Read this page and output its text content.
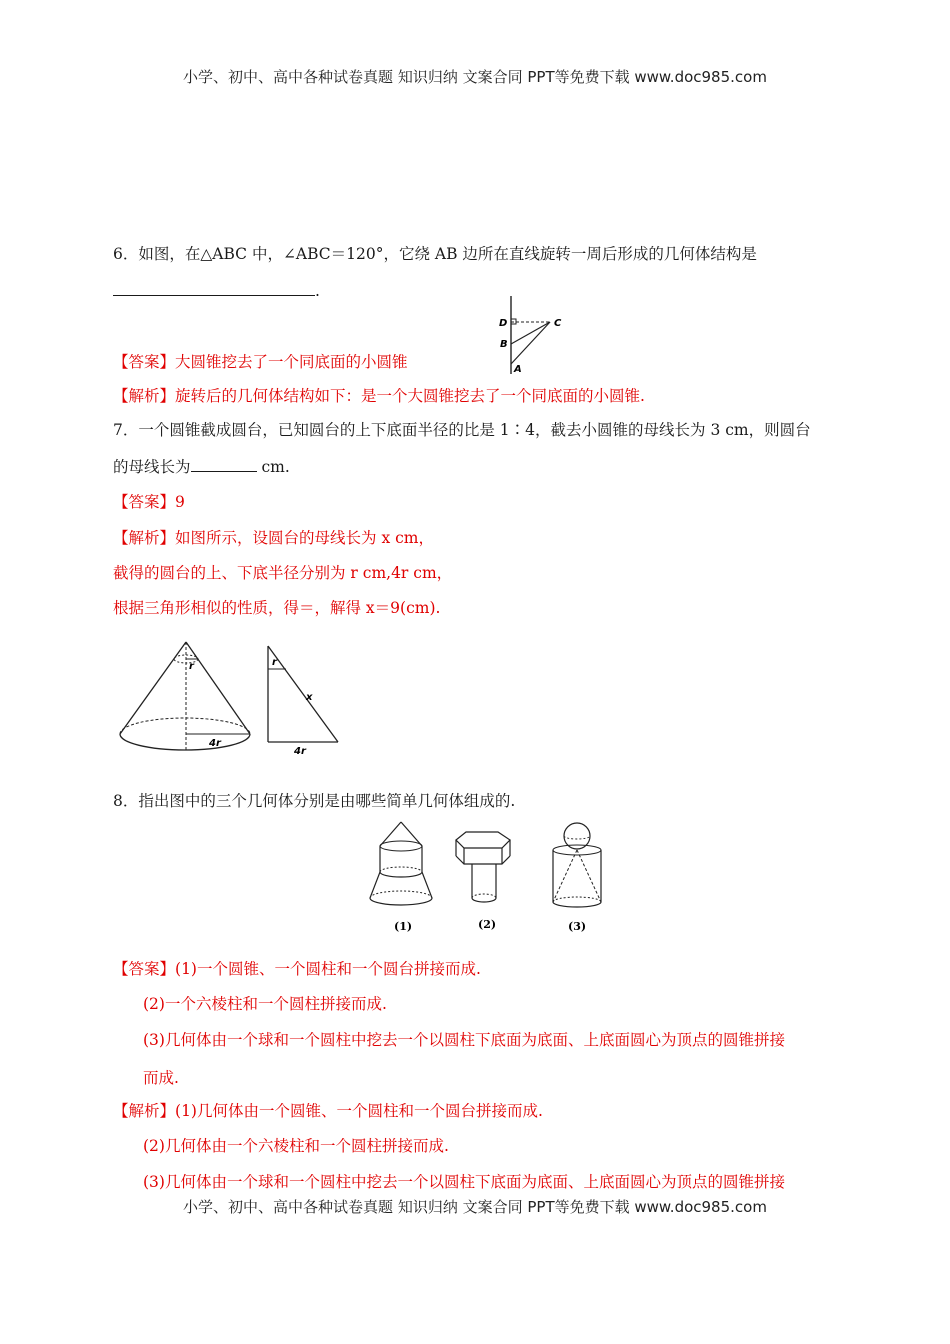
小学、初中、高中各种试卷真题 知识归纳 文案合同 PPT等免费下载 www.doc985.com
6．如图，在△ABC 中，∠ABC＝120°，它绕 AB 边所在直线旋转一周后形成的几何体结构是
.
D	C
B
A
【答案】大圆锥挖去了一个同底面的小圆锥
【解析】旋转后的几何体结构如下：是一个大圆锥挖去了一个同底面的小圆锥.
7．一个圆锥截成圆台，已知圆台的上下底面半径的比是 1∶4，截去小圆锥的母线长为 3 cm，则圆台
的母线长为	cm.
【答案】9
【解析】如图所示，设圆台的母线长为 x cm，
截得的圆台的上、下底半径分别为 r cm,4r cm，
根据三角形相似的性质，得＝，解得 x＝9(cm).
r
4r
r
x
4r
8．指出图中的三个几何体分别是由哪些简单几何体组成的.
(1)	(2)	(3)
【答案】(1)一个圆锥、一个圆柱和一个圆台拼接而成.
(2)一个六棱柱和一个圆柱拼接而成.
(3)几何体由一个球和一个圆柱中挖去一个以圆柱下底面为底面、上底面圆心为顶点的圆锥拼接
而成.
【解析】(1)几何体由一个圆锥、一个圆柱和一个圆台拼接而成.
(2)几何体由一个六棱柱和一个圆柱拼接而成.
(3)几何体由一个球和一个圆柱中挖去一个以圆柱下底面为底面、上底面圆心为顶点的圆锥拼接
小学、初中、高中各种试卷真题 知识归纳 文案合同 PPT等免费下载 www.doc985.com
